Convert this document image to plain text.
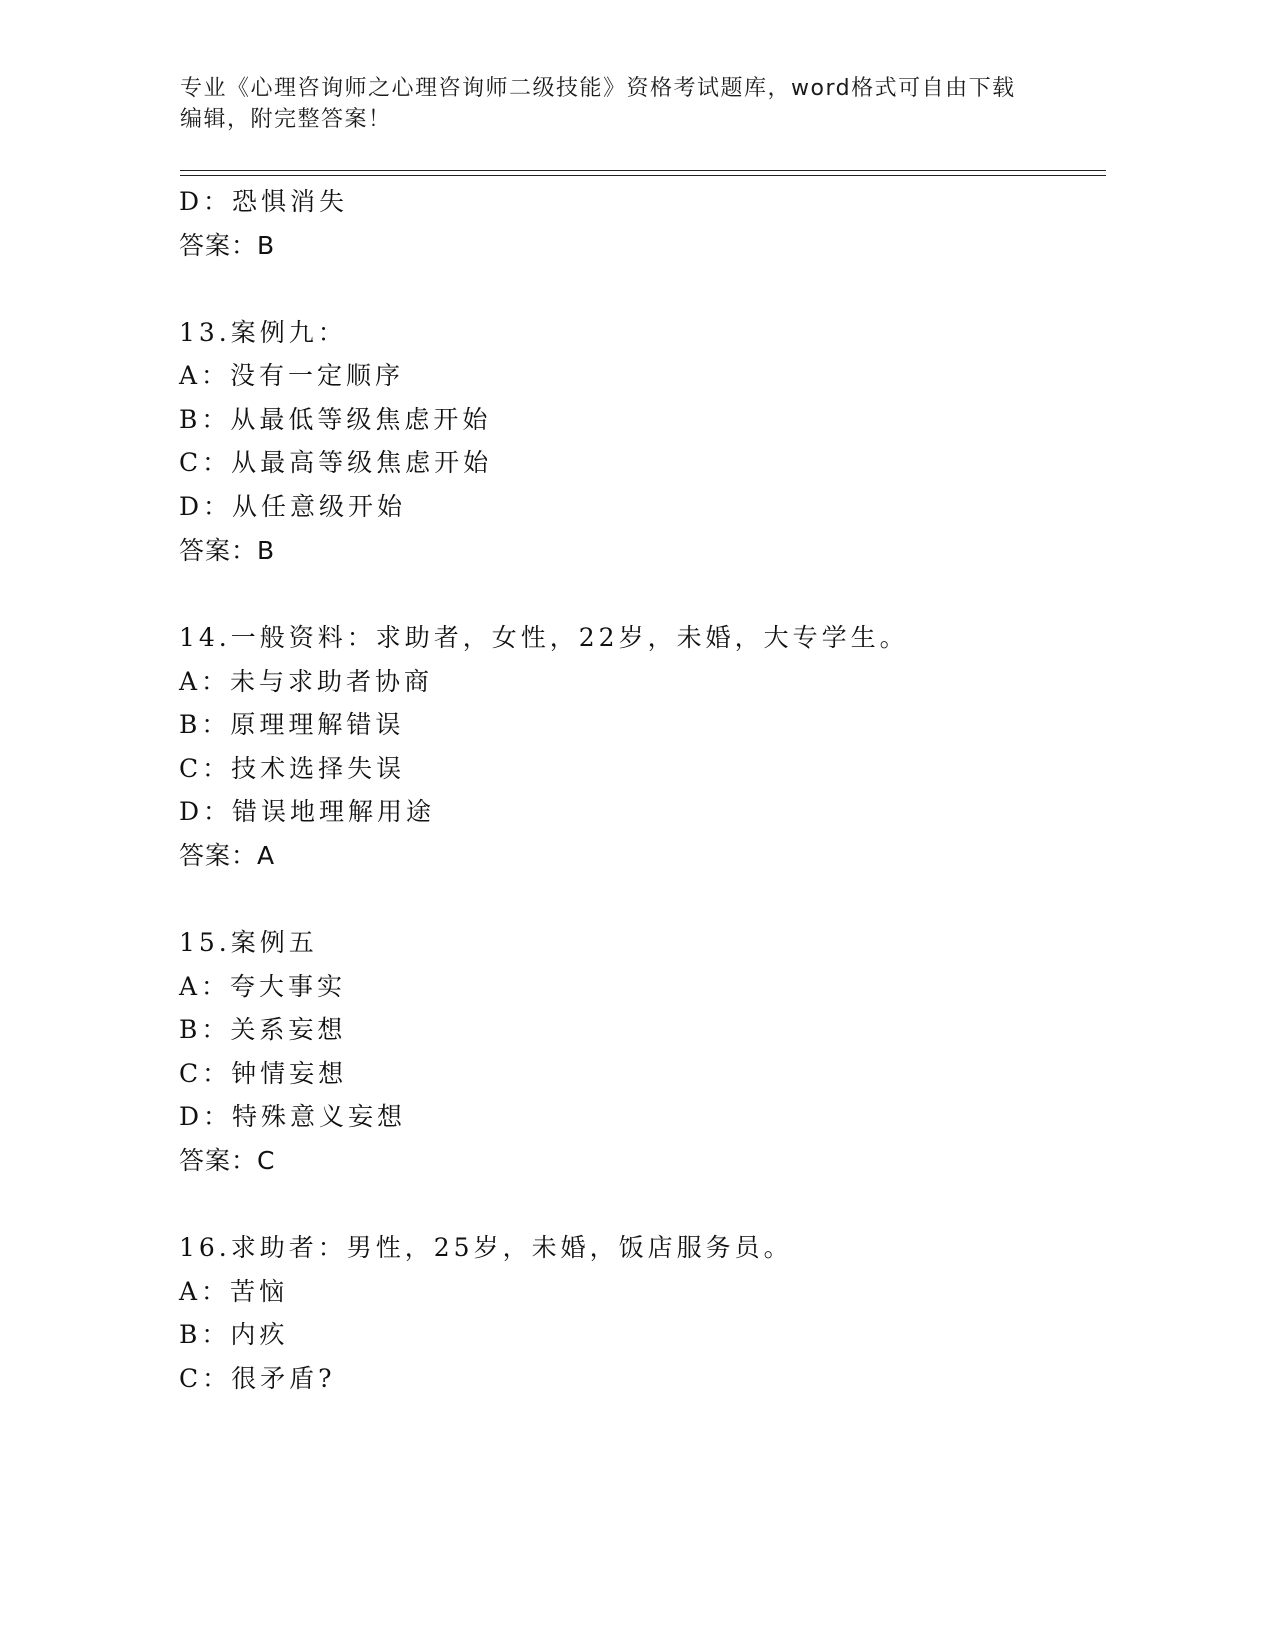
专业《心理咨询师之心理咨询师二级技能》资格考试题库，word格式可自由下载
编辑，附完整答案！
D：恐惧消失
答案：B
13.案例九：
A：没有一定顺序
B：从最低等级焦虑开始
C：从最高等级焦虑开始
D：从任意级开始
答案：B
14.一般资料：求助者，女性，22岁，未婚，大专学生。
A：未与求助者协商
B：原理理解错误
C：技术选择失误
D：错误地理解用途
答案：A
15.案例五
A：夸大事实
B：关系妄想
C：钟情妄想
D：特殊意义妄想
答案：C
16.求助者：男性，25岁，未婚，饭店服务员。
A：苦恼
B：内疚
C：很矛盾?
